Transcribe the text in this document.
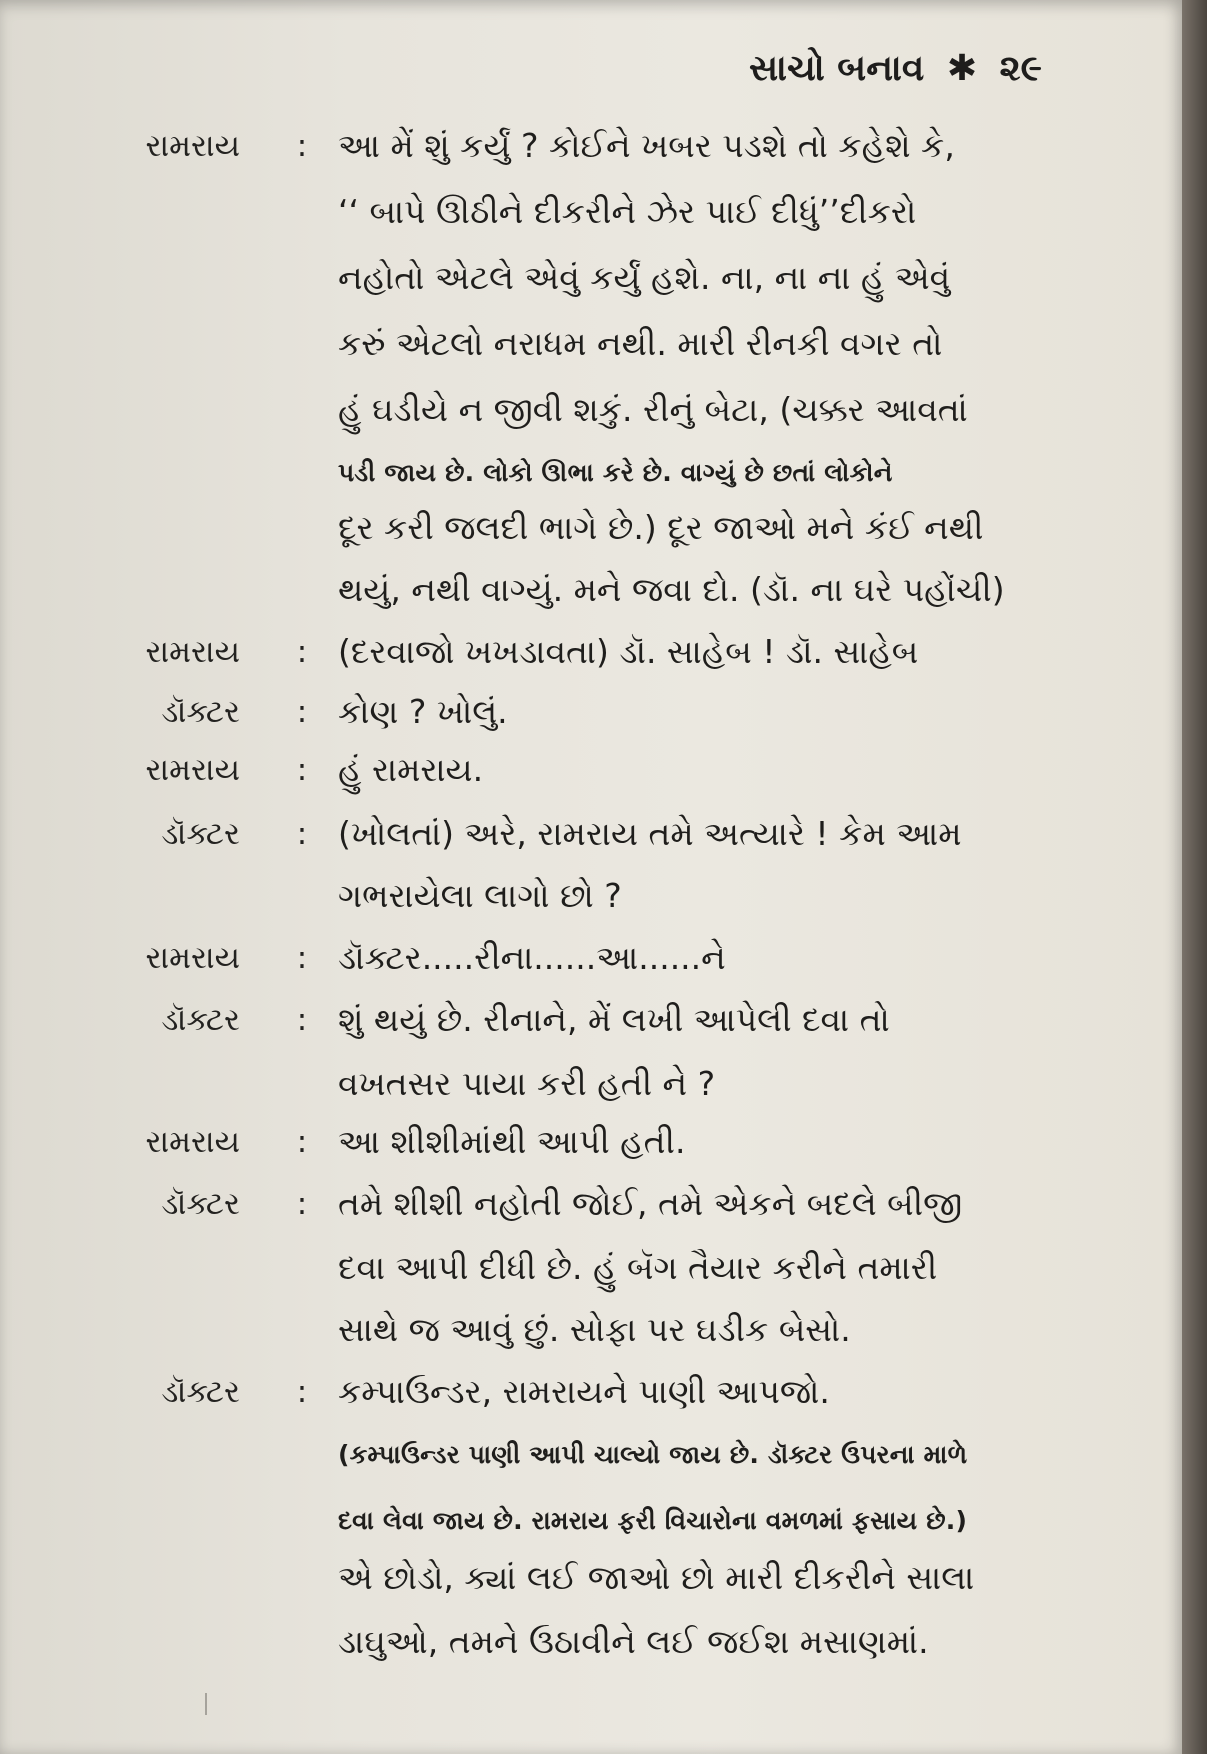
સાચો બનાવ ✱ ૨૯
રામરાય : આ મેં શું કર્યું ? કોઈને ખબર પડશે તો કહેશે કે,
‘‘ બાપે ઊઠીને દીકરીને ઝેર પાઈ દીધું’’દીકરો
નહોતો એટલે એવું કર્યું હશે. ના, ના ના હું એવું
કરું એટલો નરાધમ નથી. મારી રીનકી વગર તો
હું ઘડીયે ન જીવી શકું. રીનું બેટા, (ચક્કર આવતાં
પડી જાય છે. લોકો ઊભા કરે છે. વાગ્યું છે છતાં લોકોને
દૂર કરી જલદી ભાગે છે.) દૂર જાઓ મને કંઈ નથી
થયું, નથી વાગ્યું. મને જવા દો. (ડૉ. ના ઘરે પહોંચી)
રામરાય : (દરવાજો ખખડાવતા) ડૉ. સાહેબ ! ડૉ. સાહેબ
ડૉક્ટર : કોણ ? ખોલું.
રામરાય : હું રામરાય.
ડૉક્ટર : (ખોલતાં) અરે, રામરાય તમે અત્યારે ! કેમ આમ
ગભરાયેલા લાગો છો ?
રામરાય : ડૉક્ટર.....રીના......આ......ને
ડૉક્ટર : શું થયું છે. રીનાને, મેં લખી આપેલી દવા તો
વખતસર પાયા કરી હતી ને ?
રામરાય : આ શીશીમાંથી આપી હતી.
ડૉક્ટર : તમે શીશી નહોતી જોઈ, તમે એકને બદલે બીજી
દવા આપી દીધી છે. હું બૅગ તૈયાર કરીને તમારી
સાથે જ આવું છું. સોફા પર ઘડીક બેસો.
ડૉક્ટર : કમ્પાઉન્ડર, રામરાયને પાણી આપજો.
(કમ્પાઉન્ડર પાણી આપી ચાલ્યો જાય છે. ડૉક્ટર ઉપરના માળે
દવા લેવા જાય છે. રામરાય ફરી વિચારોના વમળમાં ફસાય છે.)
એ છોડો, ક્યાં લઈ જાઓ છો મારી દીકરીને સાલા
ડાઘુઓ, તમને ઉઠાવીને લઈ જઈશ મસાણમાં.
